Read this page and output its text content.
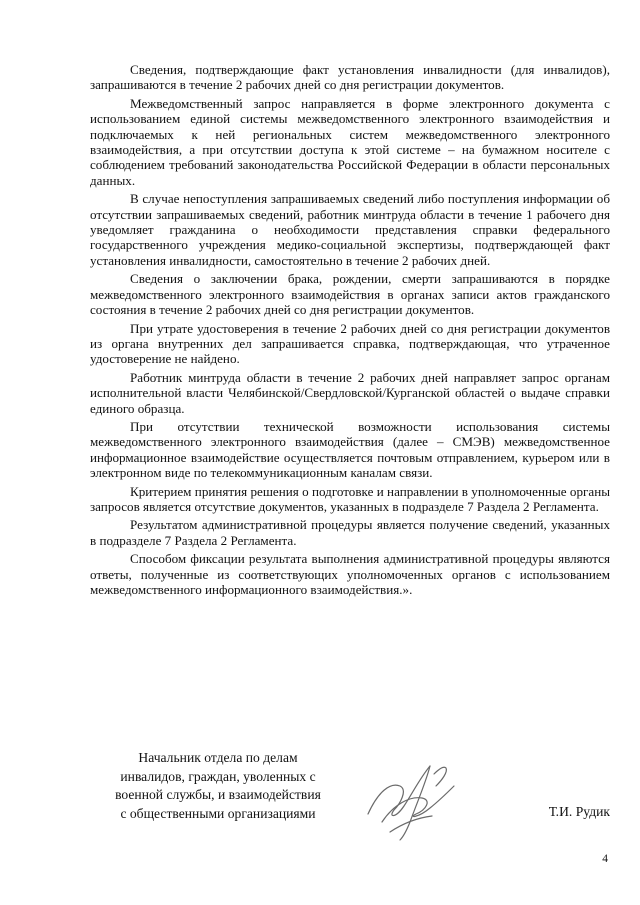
Сведения, подтверждающие факт установления инвалидности (для инвалидов), запрашиваются в течение 2 рабочих дней со дня регистрации документов.

Межведомственный запрос направляется в форме электронного документа с использованием единой системы межведомственного электронного взаимодействия и подключаемых к ней региональных систем межведомственного электронного взаимодействия, а при отсутствии доступа к этой системе – на бумажном носителе с соблюдением требований законодательства Российской Федерации в области персональных данных.

В случае непоступления запрашиваемых сведений либо поступления информации об отсутствии запрашиваемых сведений, работник минтруда области в течение 1 рабочего дня уведомляет гражданина о необходимости представления справки федерального государственного учреждения медико-социальной экспертизы, подтверждающей факт установления инвалидности, самостоятельно в течение 2 рабочих дней.

Сведения о заключении брака, рождении, смерти запрашиваются в порядке межведомственного электронного взаимодействия в органах записи актов гражданского состояния в течение 2 рабочих дней со дня регистрации документов.

При утрате удостоверения в течение 2 рабочих дней со дня регистрации документов из органа внутренних дел запрашивается справка, подтверждающая, что утраченное удостоверение не найдено.

Работник минтруда области в течение 2 рабочих дней направляет запрос органам исполнительной власти Челябинской/Свердловской/Курганской областей о выдаче справки единого образца.

При отсутствии технической возможности использования системы межведомственного электронного взаимодействия (далее – СМЭВ) межведомственное информационное взаимодействие осуществляется почтовым отправлением, курьером или в электронном виде по телекоммуникационным каналам связи.

Критерием принятия решения о подготовке и направлении в уполномоченные органы запросов является отсутствие документов, указанных в подразделе 7 Раздела 2 Регламента.

Результатом административной процедуры является получение сведений, указанных в подразделе 7 Раздела 2 Регламента.

Способом фиксации результата выполнения административной процедуры являются ответы, полученные из соответствующих уполномоченных органов с использованием межведомственного информационного взаимодействия.».

Начальник отдела по делам
инвалидов, граждан, уволенных с
военной службы, и взаимодействия
с общественными организациями	Т.И. Рудик
4
